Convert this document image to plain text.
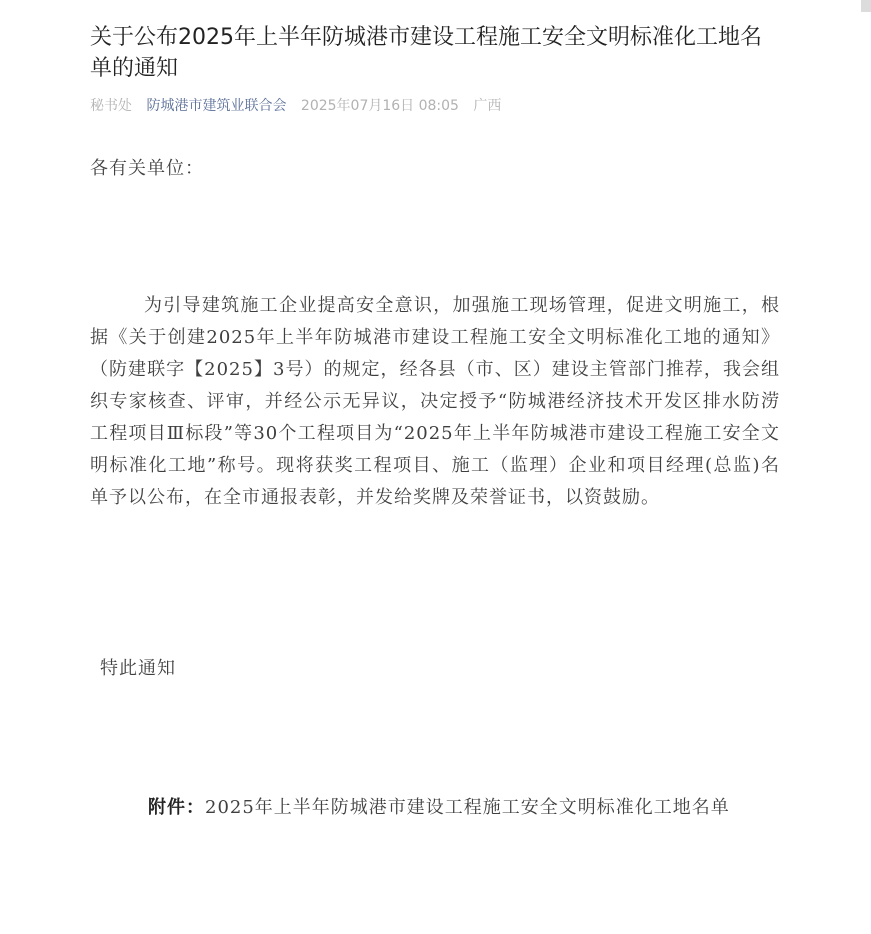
关于公布2025年上半年防城港市建设工程施工安全文明标准化工地名单的通知
秘书处 防城港市建筑业联合会 2025年07月16日 08:05 广西

各有关单位：

为引导建筑施工企业提高安全意识，加强施工现场管理，促进文明施工，根据《关于创建2025年上半年防城港市建设工程施工安全文明标准化工地的通知》（防建联字【2025】3号）的规定，经各县（市、区）建设主管部门推荐，我会组织专家核查、评审，并经公示无异议，决定授予“防城港经济技术开发区排水防涝工程项目Ⅲ标段”等30个工程项目为“2025年上半年防城港市建设工程施工安全文明标准化工地”称号。现将获奖工程项目、施工（监理）企业和项目经理(总监)名单予以公布，在全市通报表彰，并发给奖牌及荣誉证书，以资鼓励。

特此通知

附件：2025年上半年防城港市建设工程施工安全文明标准化工地名单
